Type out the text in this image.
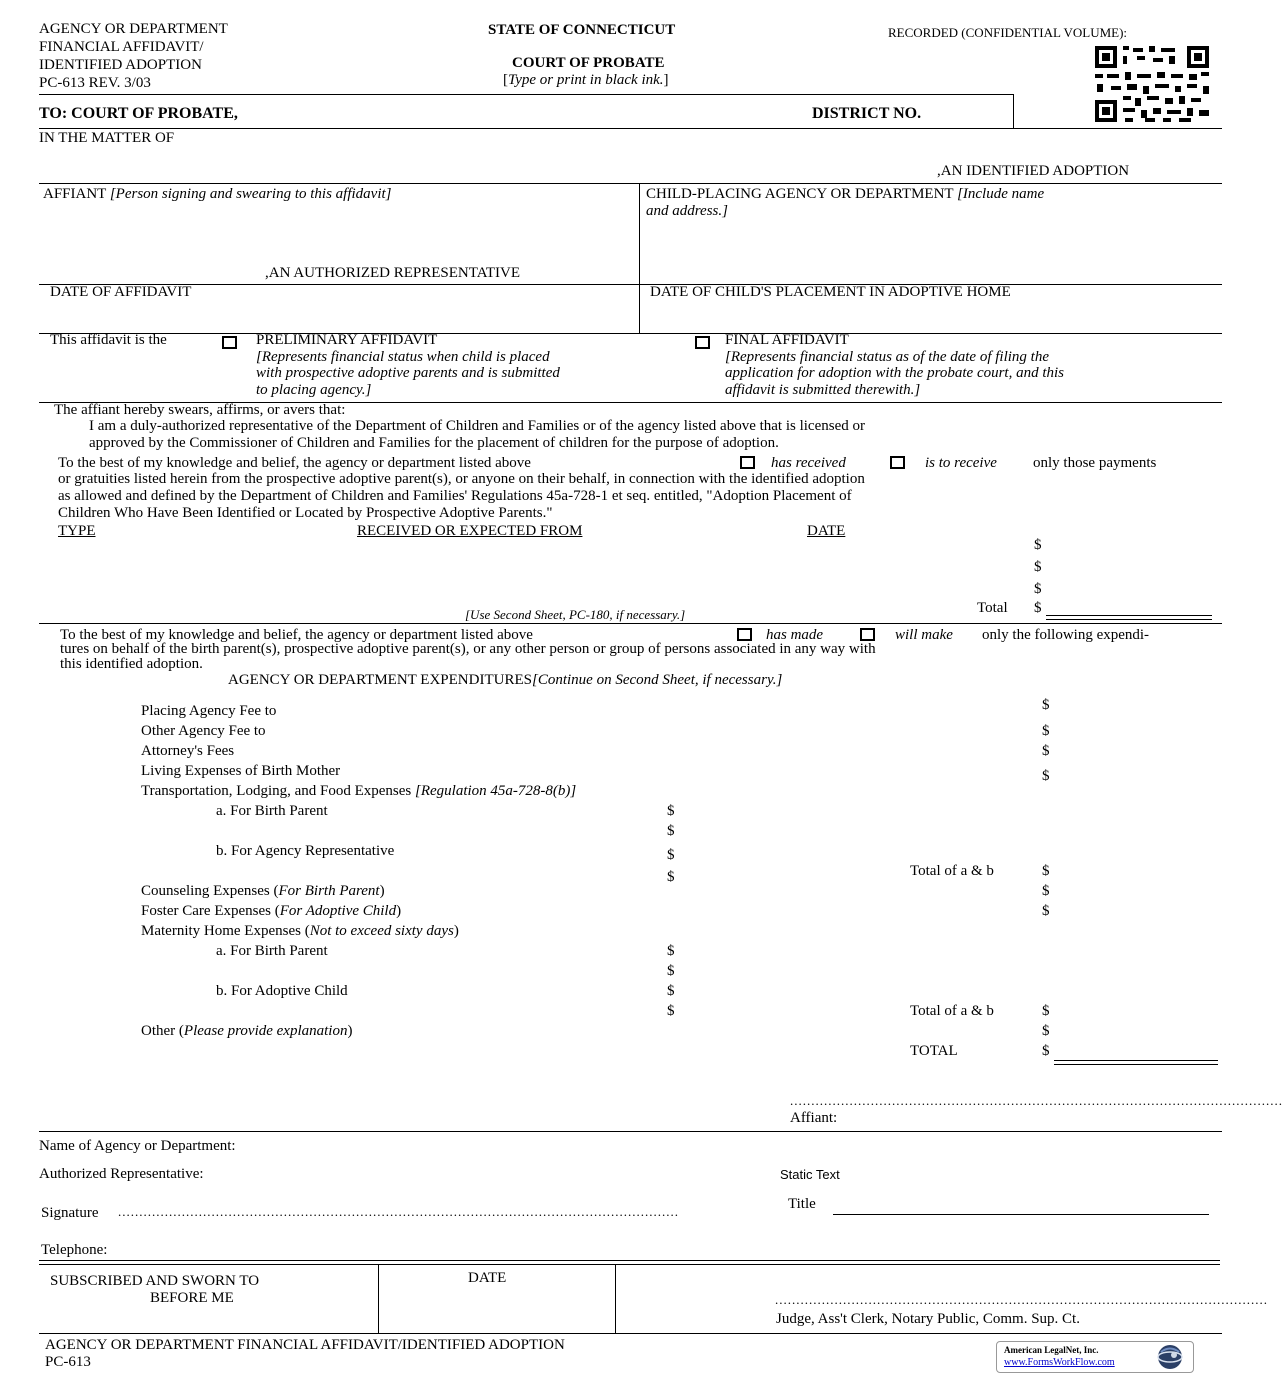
AGENCY OR DEPARTMENT
FINANCIAL AFFIDAVIT/
IDENTIFIED ADOPTION
PC-613 REV. 3/03
STATE OF CONNECTICUT
COURT OF PROBATE
[Type or print in black ink.]
RECORDED (CONFIDENTIAL VOLUME):
TO: COURT OF PROBATE,	DISTRICT NO.
IN THE MATTER OF
,AN IDENTIFIED ADOPTION
AFFIANT [Person signing and swearing to this affidavit]
,AN AUTHORIZED REPRESENTATIVE
CHILD-PLACING AGENCY OR DEPARTMENT [Include name
and address.]
DATE OF AFFIDAVIT	DATE OF CHILD'S PLACEMENT IN ADOPTIVE HOME
This affidavit is the	PRELIMINARY AFFIDAVIT
[Represents financial status when child is placed
with prospective adoptive parents and is submitted
to placing agency.]
FINAL AFFIDAVIT
[Represents financial status as of the date of filing the
application for adoption with the probate court, and this
affidavit is submitted therewith.]
The affiant hereby swears, affirms, or avers that:
I am a duly-authorized representative of the Department of Children and Families or of the agency listed above that is licensed or
approved by the Commissioner of Children and Families for the placement of children for the purpose of adoption.
To the best of my knowledge and belief, the agency or department listed above	has received	is to receive only those payments
or gratuities listed herein from the prospective adoptive parent(s), or anyone on their behalf, in connection with the identified adoption
as allowed and defined by the Department of Children and Families' Regulations 45a-728-1 et seq. entitled, "Adoption Placement of
Children Who Have Been Identified or Located by Prospective Adoptive Parents."
TYPE	RECEIVED OR EXPECTED FROM	DATE
$
$
$
Total $
[Use Second Sheet, PC-180, if necessary.]
To the best of my knowledge and belief, the agency or department listed above	has made	will make only the following expendi-
tures on behalf of the birth parent(s), prospective adoptive parent(s), or any other person or group of persons associated in any way with
this identified adoption.
AGENCY OR DEPARTMENT EXPENDITURES[Continue on Second Sheet, if necessary.]
Placing Agency Fee to	$
Other Agency Fee to	$
Attorney's Fees	$
Living Expenses of Birth Mother	$
Transportation, Lodging, and Food Expenses [Regulation 45a-728-8(b)]
a. For Birth Parent	$
$
b. For Agency Representative	$
$	Total of a & b	$
Counseling Expenses (For Birth Parent)	$
Foster Care Expenses (For Adoptive Child)	$
Maternity Home Expenses (Not to exceed sixty days)
a. For Birth Parent	$
$
b. For Adoptive Child	$
$	Total of a & b	$
Other (Please provide explanation)	$
TOTAL	$
....................................................................................................................
Affiant:
Name of Agency or Department:
Authorized Representative:	Static Text
Title
Signature ....................................................................................................................................
Telephone:
SUBSCRIBED AND SWORN TO
BEFORE ME
DATE
....................................................................................................................
Judge, Ass't Clerk, Notary Public, Comm. Sup. Ct.
AGENCY OR DEPARTMENT FINANCIAL AFFIDAVIT/IDENTIFIED ADOPTION
PC-613
American LegalNet, Inc.
www.FormsWorkFlow.com
